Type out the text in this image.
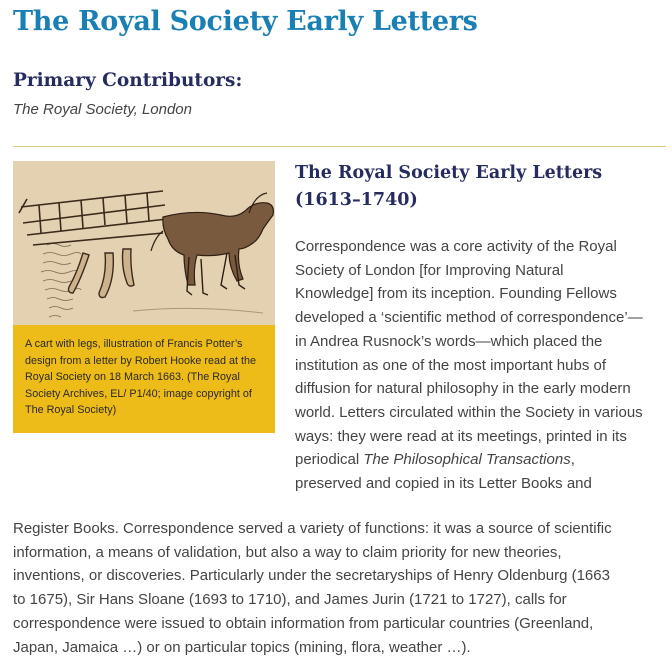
The Royal Society Early Letters
Primary Contributors:
The Royal Society, London
A cart with legs, illustration of Francis Potter’s design from a letter by Robert Hooke read at the Royal Society on 18 March 1663. (The Royal Society Archives, EL/ P1/40; image copyright of The Royal Society)
The Royal Society Early Letters (1613–1740)
Correspondence was a core activity of the Royal
Society of London [for Improving Natural
Knowledge] from its inception. Founding Fellows
developed a ‘scientific method of correspondence’—
in Andrea Rusnock’s words—which placed the
institution as one of the most important hubs of
diffusion for natural philosophy in the early modern
world. Letters circulated within the Society in various
ways: they were read at its meetings, printed in its
periodical The Philosophical Transactions,
preserved and copied in its Letter Books and
Register Books. Correspondence served a variety of functions: it was a source of scientific
information, a means of validation, but also a way to claim priority for new theories,
inventions, or discoveries. Particularly under the secretaryships of Henry Oldenburg (1663
to 1675), Sir Hans Sloane (1693 to 1710), and James Jurin (1721 to 1727), calls for
correspondence were issued to obtain information from particular countries (Greenland,
Japan, Jamaica …) or on particular topics (mining, flora, weather …).
